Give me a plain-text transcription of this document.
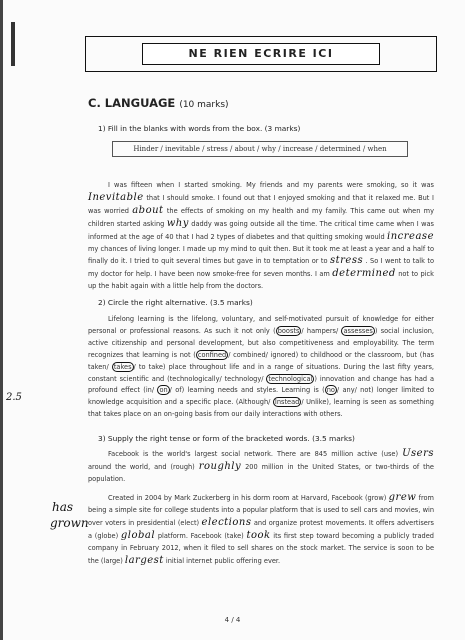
NE RIEN ECRIRE ICI
C. LANGUAGE (10 marks)
1) Fill in the blanks with words from the box. (3 marks)
Hinder / inevitable / stress / about / why / increase / determined / when

I was fifteen when I started smoking. My friends and my parents were smoking, so it was Inevitable that I should smoke. I found out that I enjoyed smoking and that it relaxed me. But I was worried about the effects of smoking on my health and my family. This came out when my children started asking why daddy was going outside all the time. The critical time came when I was informed at the age of 40 that I had 2 types of diabetes and that quitting smoking would increase my chances of living longer. I made up my mind to quit then. But it took me at least a year and a half to finally do it. I tried to quit several times but gave in to temptation or to stress . So I went to talk to my doctor for help. I have been now smoke-free for seven months. I am determined not to pick up the habit again with a little help from the doctors.

2) Circle the right alternative. (3.5 marks)

Lifelong learning is the lifelong, voluntary, and self-motivated pursuit of knowledge for either personal or professional reasons. As such it not only ( boosts / hampers/ assesses ) social inclusion, active citizenship and personal development, but also competitiveness and employability. The term recognizes that learning is not ( confined / combined/ ignored) to childhood or the classroom, but (has taken/ takes / to take) place throughout life and in a range of situations. During the last fifty years, constant scientific and (technologically/ technology/ technological ) innovation and change has had a profound effect (in/ on / of) learning needs and styles. Learning is ( no / any/ not) longer limited to knowledge acquisition and a specific place. (Although/ Instead / Unlike), learning is seen as something that takes place on an on-going basis from our daily interactions with others.

3) Supply the right tense or form of the bracketed words. (3.5 marks)

Facebook is the world's largest social network. There are 845 million active (use) Users around the world, and (rough) roughly 200 million in the United States, or two-thirds of the population.

Created in 2004 by Mark Zuckerberg in his dorm room at Harvard, Facebook (grow) grew from being a simple site for college students into a popular platform that is used to sell cars and movies, win over voters in presidential (elect) elections and organize protest movements. It offers advertisers a (globe) global platform. Facebook (take) took its first step toward becoming a publicly traded company in February 2012, when it filed to sell shares on the stock market. The service is soon to be the (large) largest initial internet public offering ever.

2.5
has
grown
4 / 4
